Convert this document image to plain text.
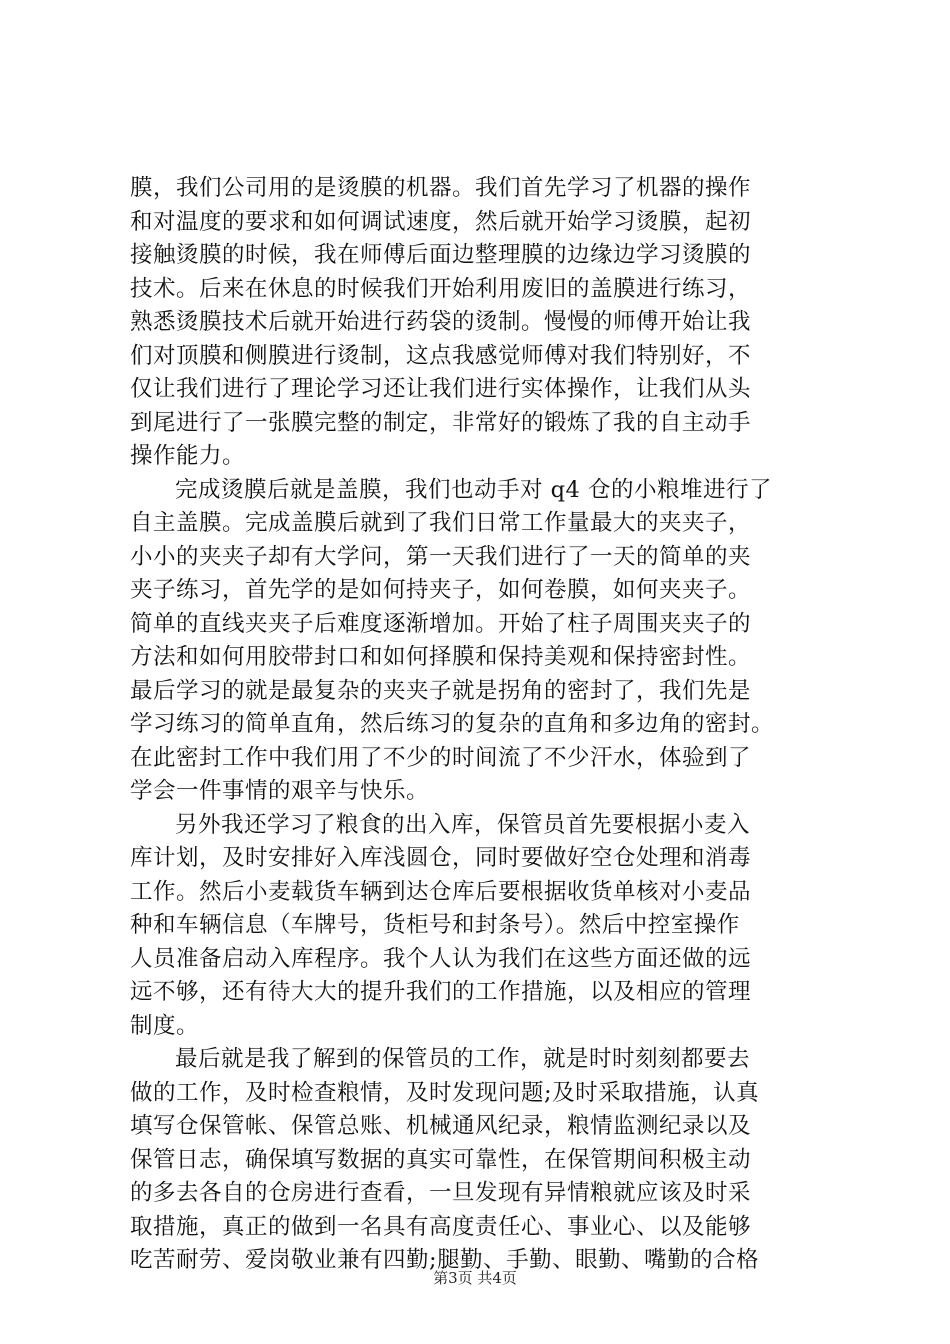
膜，我们公司用的是烫膜的机器。我们首先学习了机器的操作
和对温度的要求和如何调试速度，然后就开始学习烫膜，起初
接触烫膜的时候，我在师傅后面边整理膜的边缘边学习烫膜的
技术。后来在休息的时候我们开始利用废旧的盖膜进行练习，
熟悉烫膜技术后就开始进行药袋的烫制。慢慢的师傅开始让我
们对顶膜和侧膜进行烫制，这点我感觉师傅对我们特别好，不
仅让我们进行了理论学习还让我们进行实体操作，让我们从头
到尾进行了一张膜完整的制定，非常好的锻炼了我的自主动手
操作能力。
完成烫膜后就是盖膜，我们也动手对 q4 仓的小粮堆进行了
自主盖膜。完成盖膜后就到了我们日常工作量最大的夹夹子，
小小的夹夹子却有大学问，第一天我们进行了一天的简单的夹
夹子练习，首先学的是如何持夹子，如何卷膜，如何夹夹子。
简单的直线夹夹子后难度逐渐增加。开始了柱子周围夹夹子的
方法和如何用胶带封口和如何择膜和保持美观和保持密封性。
最后学习的就是最复杂的夹夹子就是拐角的密封了，我们先是
学习练习的简单直角，然后练习的复杂的直角和多边角的密封。
在此密封工作中我们用了不少的时间流了不少汗水，体验到了
学会一件事情的艰辛与快乐。
另外我还学习了粮食的出入库，保管员首先要根据小麦入
库计划，及时安排好入库浅圆仓，同时要做好空仓处理和消毒
工作。然后小麦载货车辆到达仓库后要根据收货单核对小麦品
种和车辆信息（车牌号，货柜号和封条号）。然后中控室操作
人员准备启动入库程序。我个人认为我们在这些方面还做的远
远不够，还有待大大的提升我们的工作措施，以及相应的管理
制度。
最后就是我了解到的保管员的工作，就是时时刻刻都要去
做的工作，及时检查粮情，及时发现问题;及时采取措施，认真
填写仓保管帐、保管总账、机械通风纪录，粮情监测纪录以及
保管日志，确保填写数据的真实可靠性，在保管期间积极主动
的多去各自的仓房进行查看，一旦发现有异情粮就应该及时采
取措施，真正的做到一名具有高度责任心、事业心、以及能够
吃苦耐劳、爱岗敬业兼有四勤;腿勤、手勤、眼勤、嘴勤的合格
第3页 共4页
